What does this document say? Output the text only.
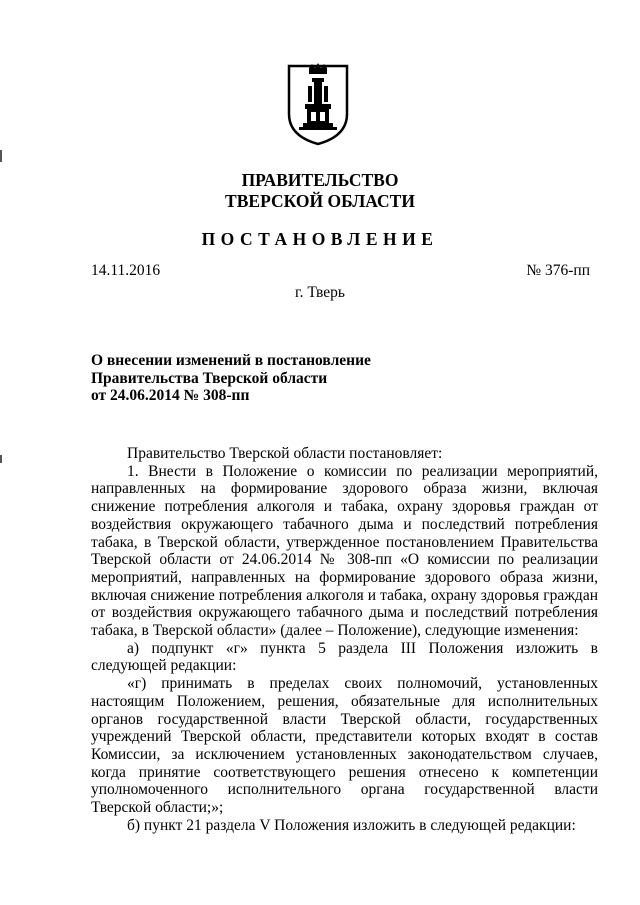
ПРАВИТЕЛЬСТВО
ТВЕРСКОЙ ОБЛАСТИ
ПОСТАНОВЛЕНИЕ
14.11.2016	№ 376-пп
г. Тверь
О внесении изменений в постановление
Правительства Тверской области
от 24.06.2014 № 308-пп

Правительство Тверской области постановляет:

1. Внести в Положение о комиссии по реализации мероприятий, направленных на формирование здорового образа жизни, включая снижение потребления алкоголя и табака, охрану здоровья граждан от воздействия окружающего табачного дыма и последствий потребления табака, в Тверской области, утвержденное постановлением Правительства Тверской области от 24.06.2014 № 308-пп «О комиссии по реализации мероприятий, направленных на формирование здорового образа жизни, включая снижение потребления алкоголя и табака, охрану здоровья граждан от воздействия окружающего табачного дыма и последствий потребления табака, в Тверской области» (далее – Положение), следующие изменения:

а) подпункт «г» пункта 5 раздела III Положения изложить в следующей редакции:

«г) принимать в пределах своих полномочий, установленных настоящим Положением, решения, обязательные для исполнительных органов государственной власти Тверской области, государственных учреждений Тверской области, представители которых входят в состав Комиссии, за исключением установленных законодательством случаев, когда принятие соответствующего решения отнесено к компетенции уполномоченного исполнительного органа государственной власти Тверской области;»;

б) пункт 21 раздела V Положения изложить в следующей редакции:
